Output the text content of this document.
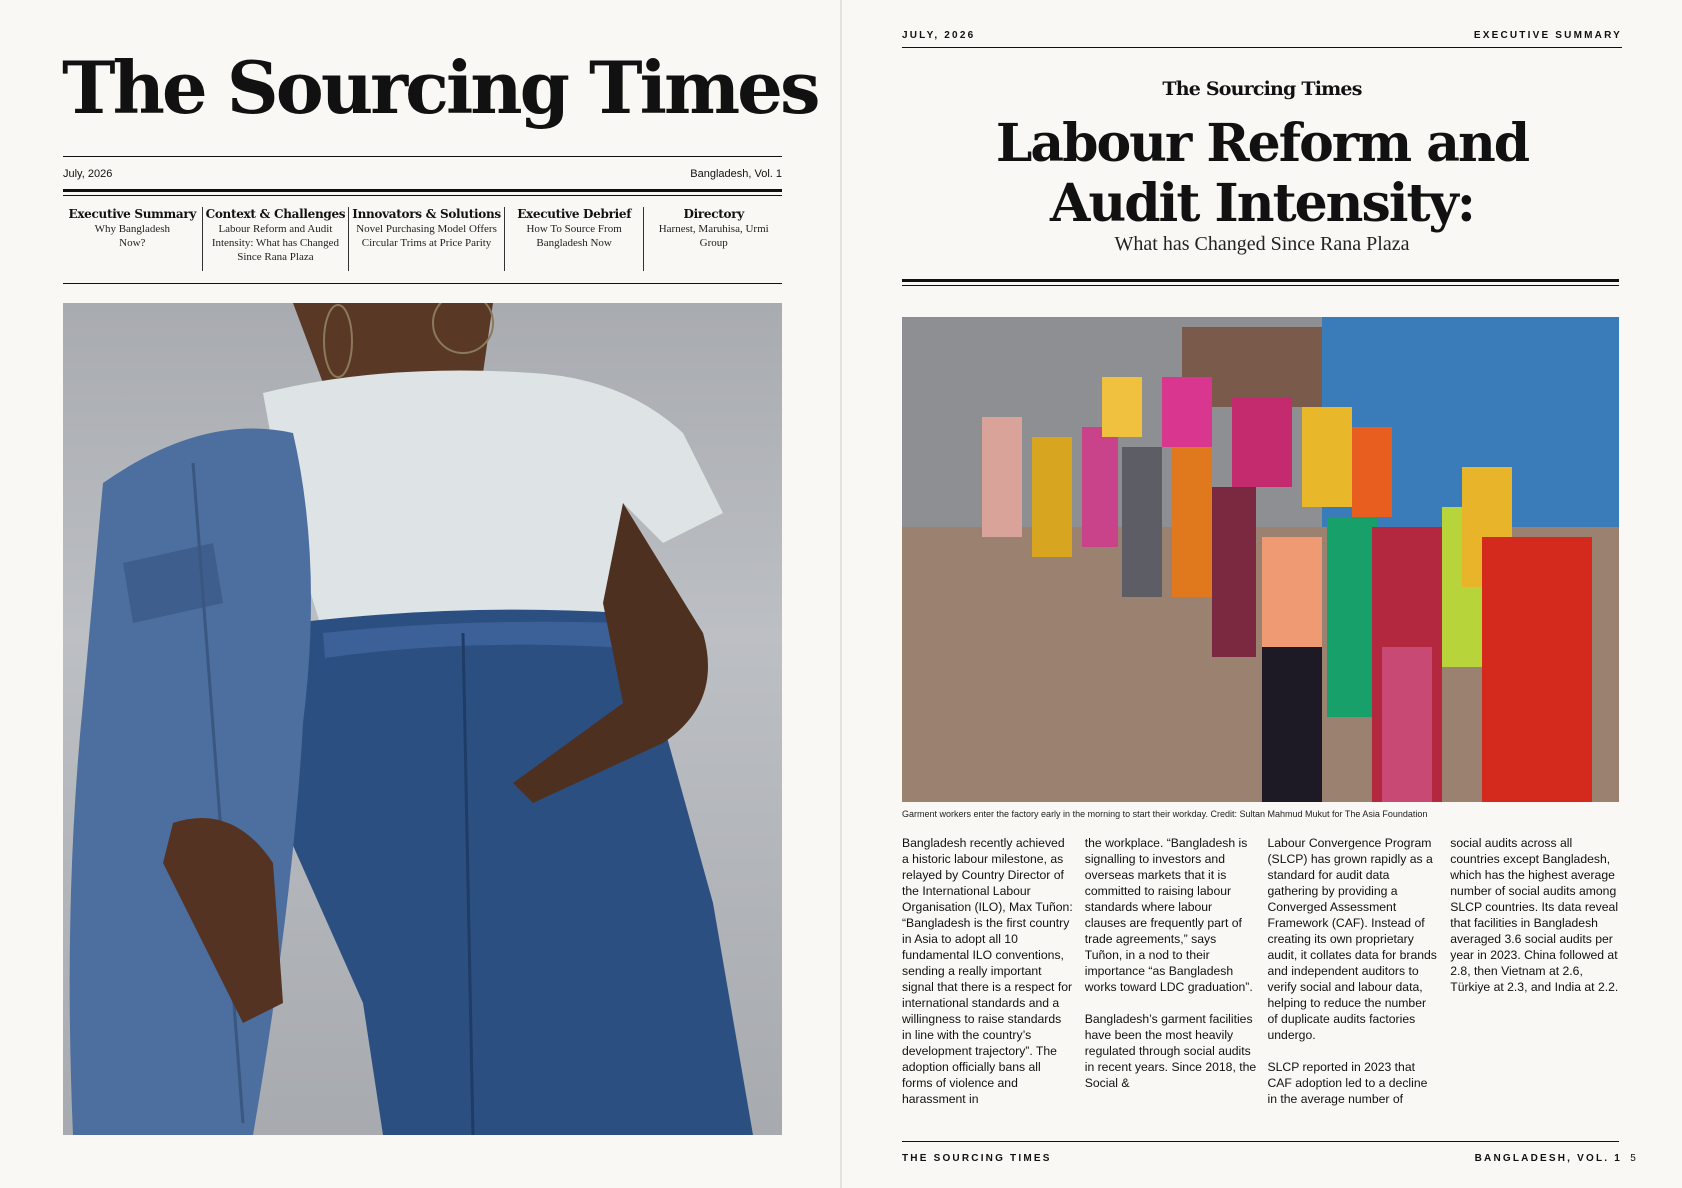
The Sourcing Times
July, 2026	Bangladesh, Vol. 1
Executive Summary
Why Bangladesh Now?
Context & Challenges
Labour Reform and Audit Intensity: What has Changed Since Rana Plaza
Innovators & Solutions
Novel Purchasing Model Offers Circular Trims at Price Parity
Executive Debrief
How To Source From Bangladesh Now
Directory
Harnest, Maruhisa, Urmi Group
JULY, 2026	EXECUTIVE SUMMARY
The Sourcing Times
Labour Reform and
Audit Intensity:
What has Changed Since Rana Plaza
Garment workers enter the factory early in the morning to start their workday. Credit: Sultan Mahmud Mukut for The Asia Foundation

Bangladesh recently achieved a historic labour milestone, as relayed by Country Director of the International Labour Organisation (ILO), Max Tuñon: “Bangladesh is the first country in Asia to adopt all 10 fundamental ILO conventions, sending a really important signal that there is a respect for international standards and a willingness to raise standards in line with the country’s development trajectory”. The adoption officially bans all forms of violence and harassment in

the workplace. “Bangladesh is signalling to investors and overseas markets that it is committed to raising labour standards where labour clauses are frequently part of trade agreements,” says Tuñon, in a nod to their importance “as Bangladesh works toward LDC graduation”.

Bangladesh’s garment facilities have been the most heavily regulated through social audits in recent years. Since 2018, the Social &

Labour Convergence Program (SLCP) has grown rapidly as a standard for audit data gathering by providing a Converged Assessment Framework (CAF). Instead of creating its own proprietary audit, it collates data for brands and independent auditors to verify social and labour data, helping to reduce the number of duplicate audits factories undergo.

SLCP reported in 2023 that CAF adoption led to a decline in the average number of

social audits across all countries except Bangladesh, which has the highest average number of social audits among SLCP countries. Its data reveal that facilities in Bangladesh averaged 3.6 social audits per year in 2023. China followed at 2.8, then Vietnam at 2.6, Türkiye at 2.3, and India at 2.2.

THE SOURCING TIMES	BANGLADESH, VOL. 1 5
